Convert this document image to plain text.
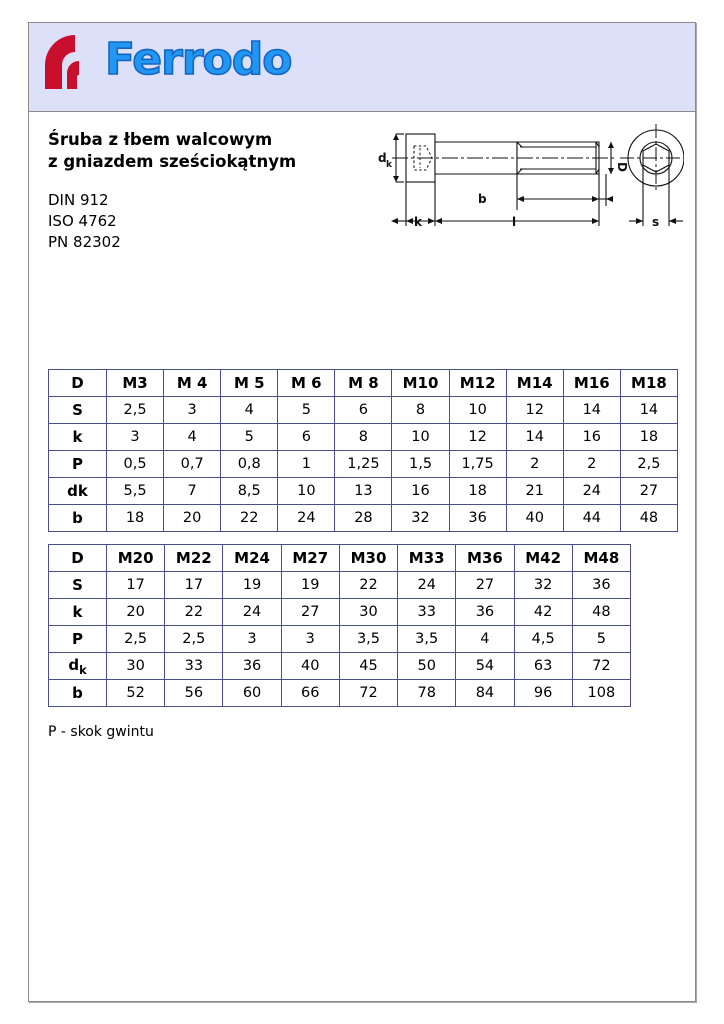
Ferrodo
Śruba z łbem walcowym
z gniazdem sześciokątnym
DIN 912
ISO 4762
PN 82302
d k
b
l
k
D
s
D	M3	M 4	M 5	M 6	M 8	M10	M12	M14	M16	M18
S	2,5	3	4	5	6	8	10	12	14	14
k	3	4	5	6	8	10	12	14	16	18
P	0,5	0,7	0,8	1	1,25	1,5	1,75	2	2	2,5
dk	5,5	7	8,5	10	13	16	18	21	24	27
b	18	20	22	24	28	32	36	40	44	48
D	M20	M22	M24	M27	M30	M33	M36	M42	M48
S	17	17	19	19	22	24	27	32	36
k	20	22	24	27	30	33	36	42	48
P	2,5	2,5	3	3	3,5	3,5	4	4,5	5
$d_k$	30	33	36	40	45	50	54	63	72
b	52	56	60	66	72	78	84	96	108
P - skok gwintu
